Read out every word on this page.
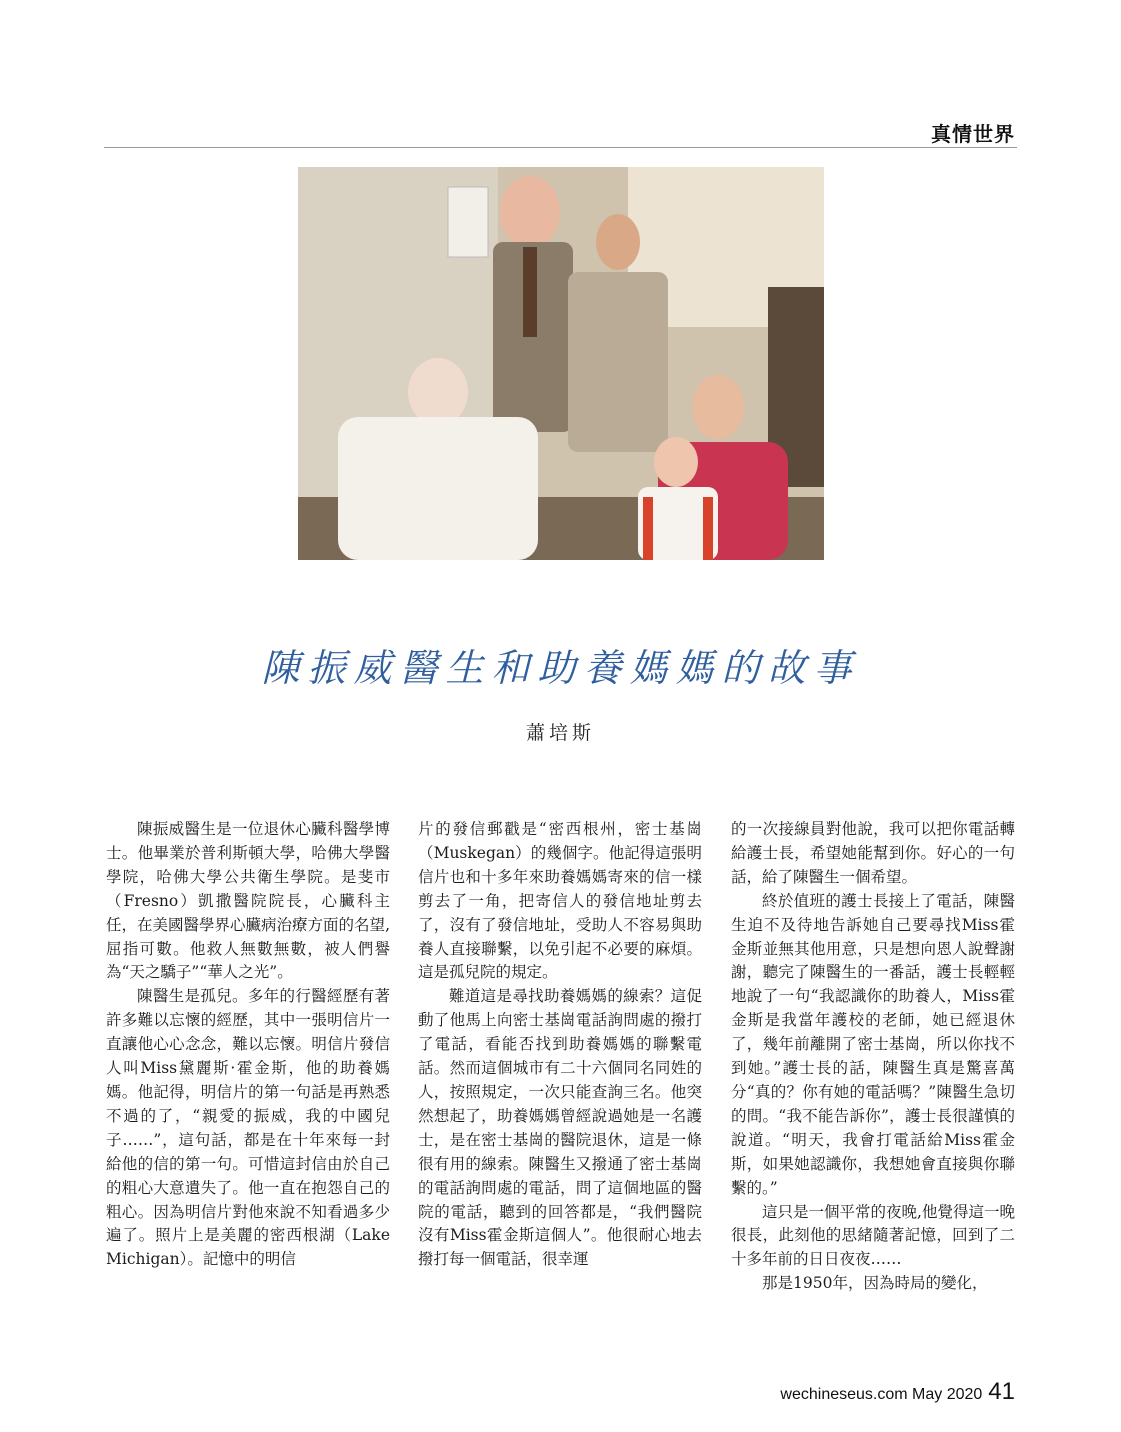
真情世界
陳振威醫生和助養媽媽的故事
蕭培斯

陳振威醫生是一位退休心臟科醫學博士。他畢業於普利斯頓大學，哈佛大學醫學院，哈佛大學公共衛生學院。是斐市（Fresno）凱撒醫院院長，心臟科主任，在美國醫學界心臟病治療方面的名望,屈指可數。他救人無數無數，被人們譽為“天之驕子”“華人之光”。

陳醫生是孤兒。多年的行醫經歷有著許多難以忘懷的經歷，其中一張明信片一直讓他心心念念，難以忘懷。明信片發信人叫Miss黛麗斯·霍金斯，他的助養媽媽。他記得，明信片的第一句話是再熟悉不過的了，“親愛的振威，我的中國兒子……”，這句話，都是在十年來每一封給他的信的第一句。可惜這封信由於自己的粗心大意遺失了。他一直在抱怨自己的粗心。因為明信片對他來說不知看過多少遍了。照片上是美麗的密西根湖（Lake　Michigan）。記憶中的明信

片的發信郵戳是“密西根州，密士基崗（Muskegan）的幾個字。他記得這張明信片也和十多年來助養媽媽寄來的信一樣剪去了一角，把寄信人的發信地址剪去了，沒有了發信地址，受助人不容易與助養人直接聯繫，以免引起不必要的麻煩。這是孤兒院的規定。

難道這是尋找助養媽媽的線索？這促動了他馬上向密士基崗電話詢問處的撥打了電話，看能否找到助養媽媽的聯繫電話。然而這個城市有二十六個同名同姓的人，按照規定，一次只能查詢三名。他突然想起了，助養媽媽曾經說過她是一名護士，是在密士基崗的醫院退休，這是一條很有用的線索。陳醫生又撥通了密士基崗的電話詢問處的電話，問了這個地區的醫院的電話，聽到的回答都是，“我們醫院沒有Miss霍金斯這個人”。他很耐心地去撥打每一個電話，很幸運

的一次接線員對他說，我可以把你電話轉給護士長，希望她能幫到你。好心的一句話，給了陳醫生一個希望。

終於值班的護士長接上了電話，陳醫生迫不及待地告訴她自己要尋找Miss霍金斯並無其他用意，只是想向恩人說聲謝謝，聽完了陳醫生的一番話，護士長輕輕地說了一句“我認識你的助養人，Miss霍金斯是我當年護校的老師，她已經退休了，幾年前離開了密士基崗，所以你找不到她。”護士長的話，陳醫生真是驚喜萬分“真的？你有她的電話嗎？”陳醫生急切的問。“我不能告訴你”，護士長很謹慎的說道。“明天，我會打電話給Miss霍金斯，如果她認識你，我想她會直接與你聯繫的。”

這只是一個平常的夜晚,他覺得這一晚很長，此刻他的思緒隨著記憶，回到了二十多年前的日日夜夜……

那是1950年，因為時局的變化，

wechineseus.com May 2020 41
